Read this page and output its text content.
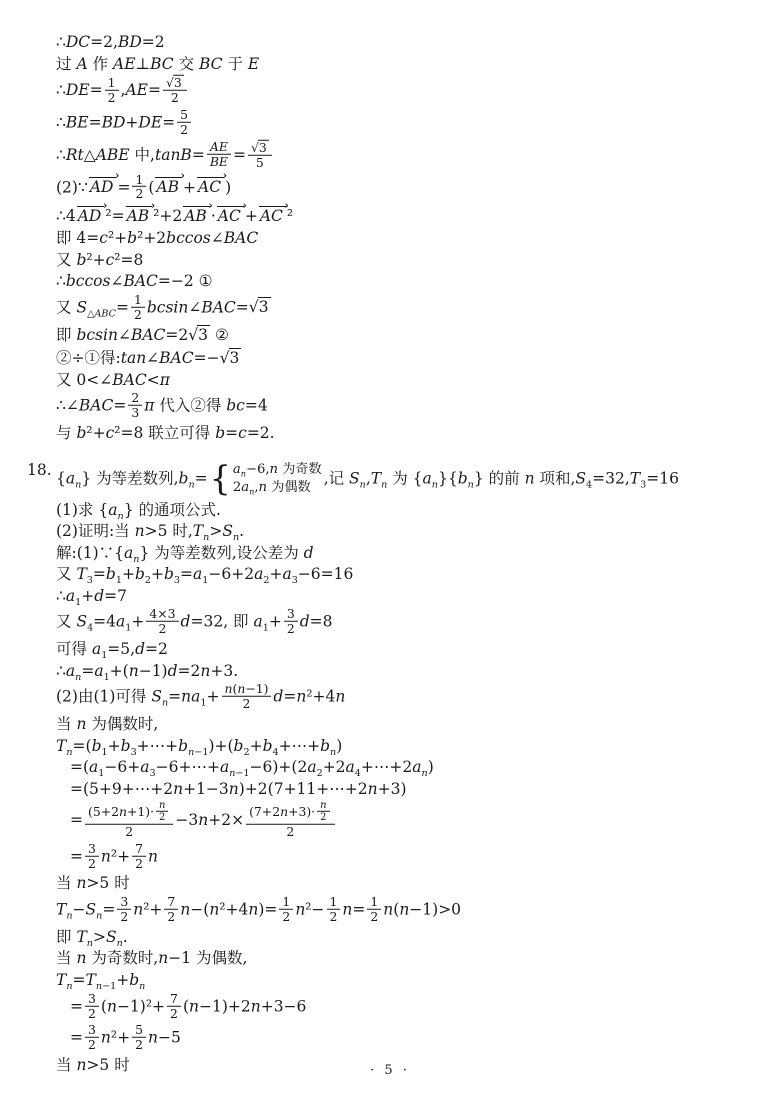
∴DC=2,BD=2
过 A 作 AE⊥BC 交 BC 于 E
∴DE= $\frac{1}{2} ,AE= \frac{√3}{2}$
∴BE=BD+DE= $\frac{5}{2}$
∴Rt△ABE 中$,\tan B= \frac{AE}{BE} = \frac{√3}{5}$
(2)∵ AD
›
= $\frac{1}{2}$ ( AB
›
+ AC
›
)
∴4 AD
›
²= AB
›
²+2 AB
›
· AC
›
+ AC
›
²
即 4=c²+b²+2bccos∠BAC
又 b²+c²=8
∴bccos∠BAC=−2 ①
又 $S_{\triangle ABC}= \frac{1}{2}$ bcsin∠BAC=√3
即 bcsin∠BAC=2√3 ②
②÷①得:tan∠BAC=−√3
又 0<∠BAC<π
∴∠BAC= $\frac{2}{3}$ π 代入②得 bc=4
与 b²+c²=8 联立可得 b=c=2.
18. $\{a_n\}$ 为等差数列$,b_n=$ { $a_n-6,n$ 为奇数
$2a_n,n$ 为偶数
,记 $S_n,T_n$ 为 $\{a_n\}\{b_n\}$ 的前 n 项和$,S_4=32,T_3=16$
(1)求 $\{a_n\}$ 的通项公式.
(2)证明:当 n>5 时$,T_n>S_n$.
解$:(1)\because\{a_n\}$ 为等差数列,设公差为 d
又 $T_3=b_1+b_2+b_3=a_1-6+2a_2+a_3-6=16$
$\therefore a_1+d=7$
又 $S_4=4a_1+ \frac{4\times 3}{2} d=32$, 即 $a_1+ \frac{3}{2} d=8$
可得 $a_1=5,d=2$
$\therefore a_n=a_1+(n-1)d=2n+3$.
(2)由(1)可得 $S_n=na_1+ \frac{n(n-1)}{2} d=n^2+4n$
当 n 为偶数时,
$T_n=(b_1+b_3+\cdots+b_{n-1})+(b_2+b_4+\cdots+b_n)$
$=(a_1-6+a_3-6+\cdots+a_{n-1}-6)+(2a_2+2a_4+\cdots+2a_n)$
=(5+9+⋯+2n+1−3n)+2(7+11+⋯+2n+3)
= $\frac{(5+2n+1)\cdot \frac{n}{2}}{2} -3n+2\times \frac{(7+2n+3)\cdot \frac{n}{2}}{2}$
= $\frac{3}{2} n^2+ \frac{7}{2}$ n
当 n>5 时
$T_n-S_n= \frac{3}{2} n^2+ \frac{7}{2} n-(n^2+4n)= \frac{1}{2} n^2- \frac{1}{2} n= \frac{1}{2} n(n-1)>0$
即 $T_n>S_n$.
当 n 为奇数时,n−1 为偶数,
$T_n=T_{n-1}+b_n$
= $\frac{3}{2} (n-1)^2+ \frac{7}{2} (n-1)+2n+3-6$
= $\frac{3}{2} n^2+ \frac{5}{2} n-5$
当 n>5 时	· 5 ·
